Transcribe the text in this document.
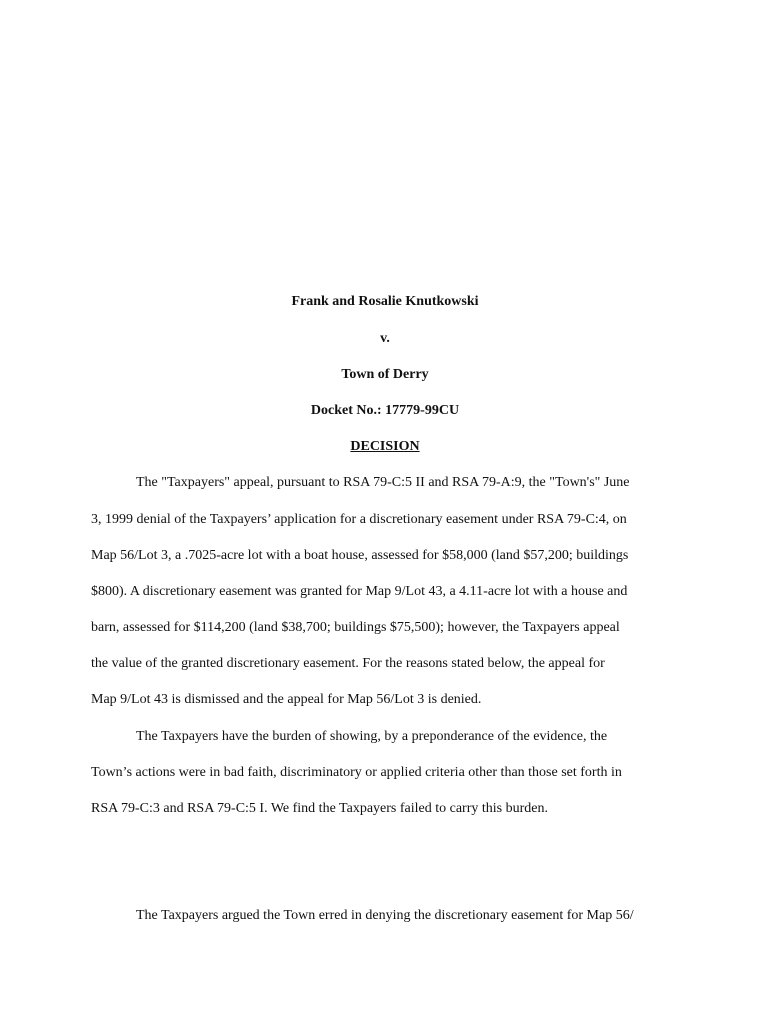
Frank and Rosalie Knutkowski
v.
Town of Derry
Docket No.: 17779-99CU
DECISION
The "Taxpayers" appeal, pursuant to RSA 79-C:5 II and RSA 79-A:9, the "Town's" June
3, 1999 denial of the Taxpayers’ application for a discretionary easement under RSA 79-C:4, on
Map 56/Lot 3, a .7025-acre lot with a boat house, assessed for $58,000 (land $57,200; buildings
$800). A discretionary easement was granted for Map 9/Lot 43, a 4.11-acre lot with a house and
barn, assessed for $114,200 (land $38,700; buildings $75,500); however, the Taxpayers appeal
the value of the granted discretionary easement. For the reasons stated below, the appeal for
Map 9/Lot 43 is dismissed and the appeal for Map 56/Lot 3 is denied.
The Taxpayers have the burden of showing, by a preponderance of the evidence, the
Town’s actions were in bad faith, discriminatory or applied criteria other than those set forth in
RSA 79-C:3 and RSA 79-C:5 I. We find the Taxpayers failed to carry this burden.
The Taxpayers argued the Town erred in denying the discretionary easement for Map 56/
